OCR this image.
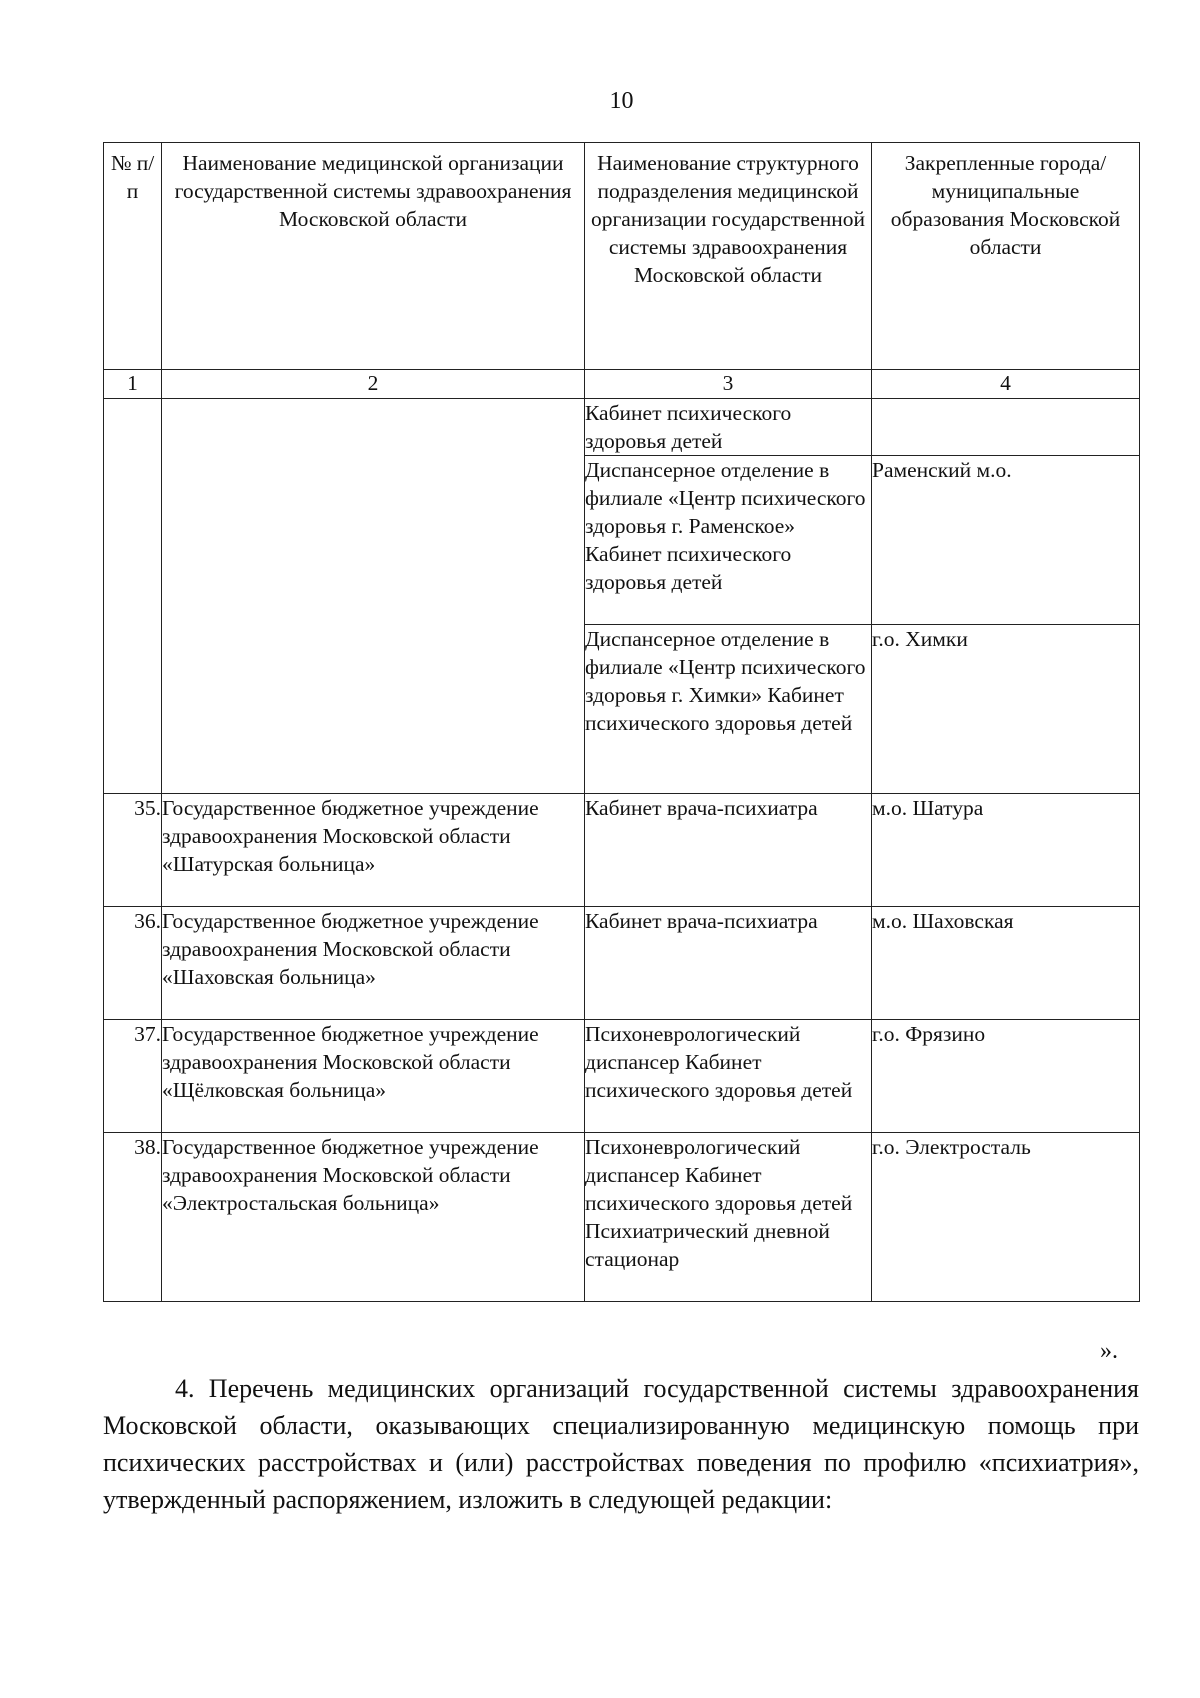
10
№ п/п	Наименование медицинской организации государственной системы здравоохранения Московской области	Наименование структурного подразделения медицинской организации государственной системы здравоохранения Московской области	Закрепленные города/муниципальные образования Московской области
1	2	3	4
		Кабинет психического здоровья детей	
		Диспансерное отделение в филиале «Центр психического здоровья г. Раменское» Кабинет психического здоровья детей	Раменский м.о.
		Диспансерное отделение в филиале «Центр психического здоровья г. Химки» Кабинет психического здоровья детей	г.о. Химки
35.	Государственное бюджетное учреждение здравоохранения Московской области «Шатурская больница»	Кабинет врача-психиатра	м.о. Шатура
36.	Государственное бюджетное учреждение здравоохранения Московской области «Шаховская больница»	Кабинет врача-психиатра	м.о. Шаховская
37.	Государственное бюджетное учреждение здравоохранения Московской области «Щёлковская больница»	Психоневрологический диспансер Кабинет психического здоровья детей	г.о. Фрязино
38.	Государственное бюджетное учреждение здравоохранения Московской области «Электростальская больница»	Психоневрологический диспансер Кабинет психического здоровья детей Психиатрический дневной стационар	г.о. Электросталь
».

4. Перечень медицинских организаций государственной системы здравоохранения Московской области, оказывающих специализированную медицинскую помощь при психических расстройствах и (или) расстройствах поведения по профилю «психиатрия», утвержденный распоряжением, изложить в следующей редакции:
